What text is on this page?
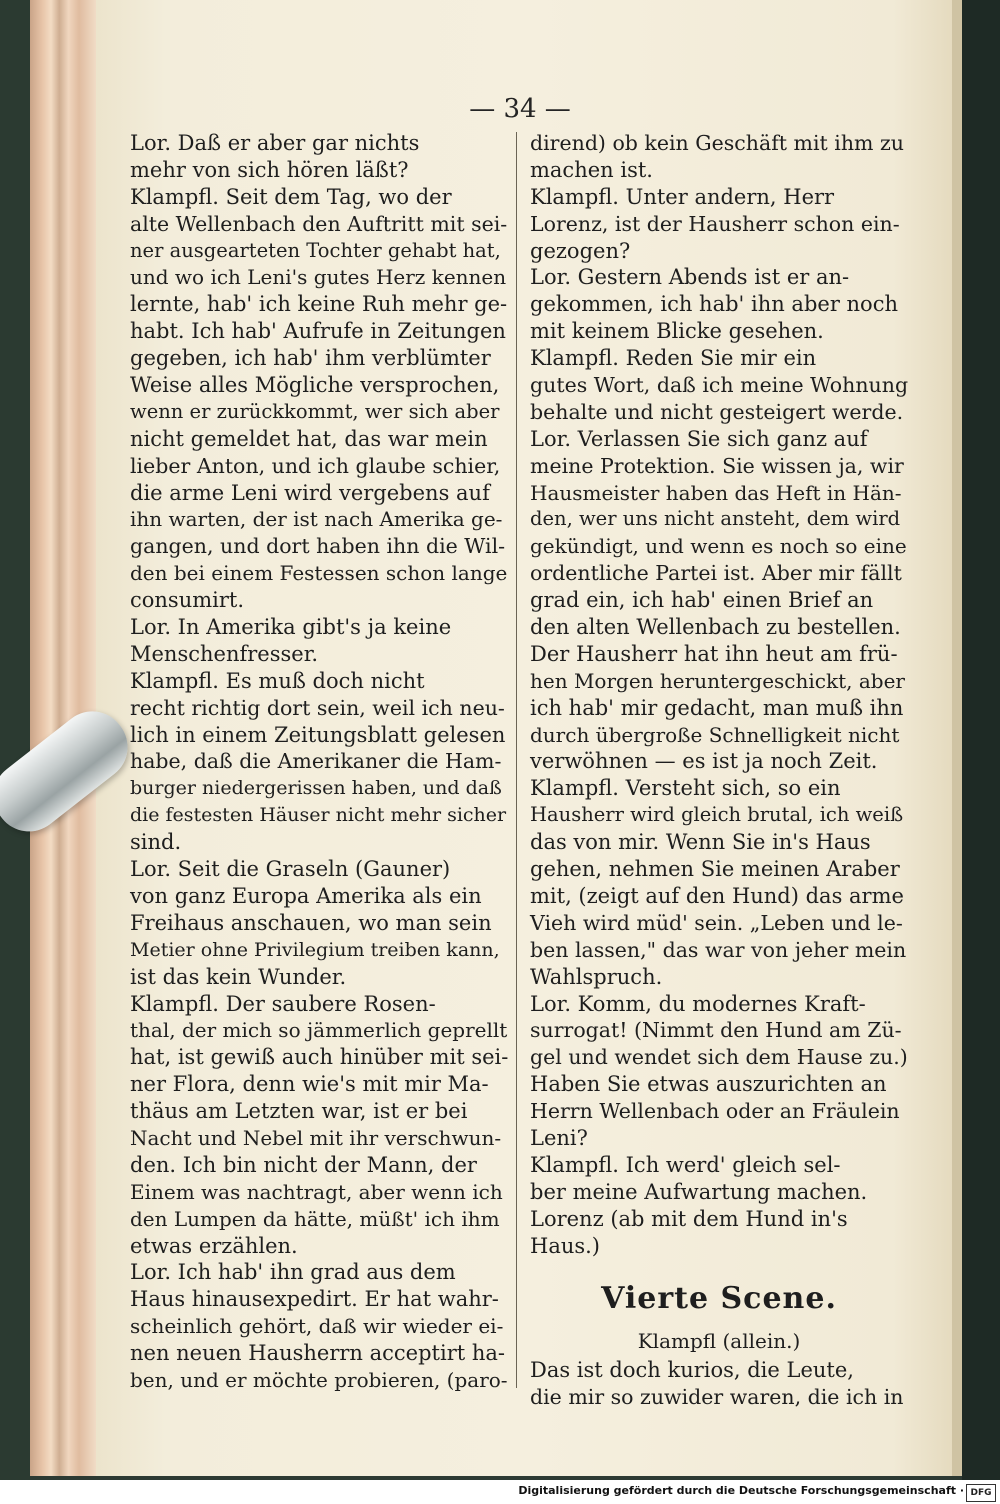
— 34 —
Lor. Daß er aber gar nichts
mehr von sich hören läßt?
Klampfl. Seit dem Tag, wo der
alte Wellenbach den Auftritt mit sei-
ner ausgearteten Tochter gehabt hat,
und wo ich Leni's gutes Herz kennen
lernte, hab' ich keine Ruh mehr ge-
habt. Ich hab' Aufrufe in Zeitungen
gegeben, ich hab' ihm verblümter
Weise alles Mögliche versprochen,
wenn er zurückkommt, wer sich aber
nicht gemeldet hat, das war mein
lieber Anton, und ich glaube schier,
die arme Leni wird vergebens auf
ihn warten, der ist nach Amerika ge-
gangen, und dort haben ihn die Wil-
den bei einem Festessen schon lange
consumirt.
Lor. In Amerika gibt's ja keine
Menschenfresser.
Klampfl. Es muß doch nicht
recht richtig dort sein, weil ich neu-
lich in einem Zeitungsblatt gelesen
habe, daß die Amerikaner die Ham-
burger niedergerissen haben, und daß
die festesten Häuser nicht mehr sicher
sind.
Lor. Seit die Graseln (Gauner)
von ganz Europa Amerika als ein
Freihaus anschauen, wo man sein
Metier ohne Privilegium treiben kann,
ist das kein Wunder.
Klampfl. Der saubere Rosen-
thal, der mich so jämmerlich geprellt
hat, ist gewiß auch hinüber mit sei-
ner Flora, denn wie's mit mir Ma-
thäus am Letzten war, ist er bei
Nacht und Nebel mit ihr verschwun-
den. Ich bin nicht der Mann, der
Einem was nachtragt, aber wenn ich
den Lumpen da hätte, müßt' ich ihm
etwas erzählen.
Lor. Ich hab' ihn grad aus dem
Haus hinausexpedirt. Er hat wahr-
scheinlich gehört, daß wir wieder ei-
nen neuen Hausherrn acceptirt ha-
ben, und er möchte probieren, (paro-
dirend) ob kein Geschäft mit ihm zu
machen ist.
Klampfl. Unter andern, Herr
Lorenz, ist der Hausherr schon ein-
gezogen?
Lor. Gestern Abends ist er an-
gekommen, ich hab' ihn aber noch
mit keinem Blicke gesehen.
Klampfl. Reden Sie mir ein
gutes Wort, daß ich meine Wohnung
behalte und nicht gesteigert werde.
Lor. Verlassen Sie sich ganz auf
meine Protektion. Sie wissen ja, wir
Hausmeister haben das Heft in Hän-
den, wer uns nicht ansteht, dem wird
gekündigt, und wenn es noch so eine
ordentliche Partei ist. Aber mir fällt
grad ein, ich hab' einen Brief an
den alten Wellenbach zu bestellen.
Der Hausherr hat ihn heut am frü-
hen Morgen heruntergeschickt, aber
ich hab' mir gedacht, man muß ihn
durch übergroße Schnelligkeit nicht
verwöhnen — es ist ja noch Zeit.
Klampfl. Versteht sich, so ein
Hausherr wird gleich brutal, ich weiß
das von mir. Wenn Sie in's Haus
gehen, nehmen Sie meinen Araber
mit, (zeigt auf den Hund) das arme
Vieh wird müd' sein. „Leben und le-
ben lassen," das war von jeher mein
Wahlspruch.
Lor. Komm, du modernes Kraft-
surrogat! (Nimmt den Hund am Zü-
gel und wendet sich dem Hause zu.)
Haben Sie etwas auszurichten an
Herrn Wellenbach oder an Fräulein
Leni?
Klampfl. Ich werd' gleich sel-
ber meine Aufwartung machen.
Lorenz (ab mit dem Hund in's
Haus.)
Vierte Scene.
Klampfl (allein.)
Das ist doch kurios, die Leute,
die mir so zuwider waren, die ich in
Digitalisierung gefördert durch die Deutsche Forschungsgemeinschaft · DFG
